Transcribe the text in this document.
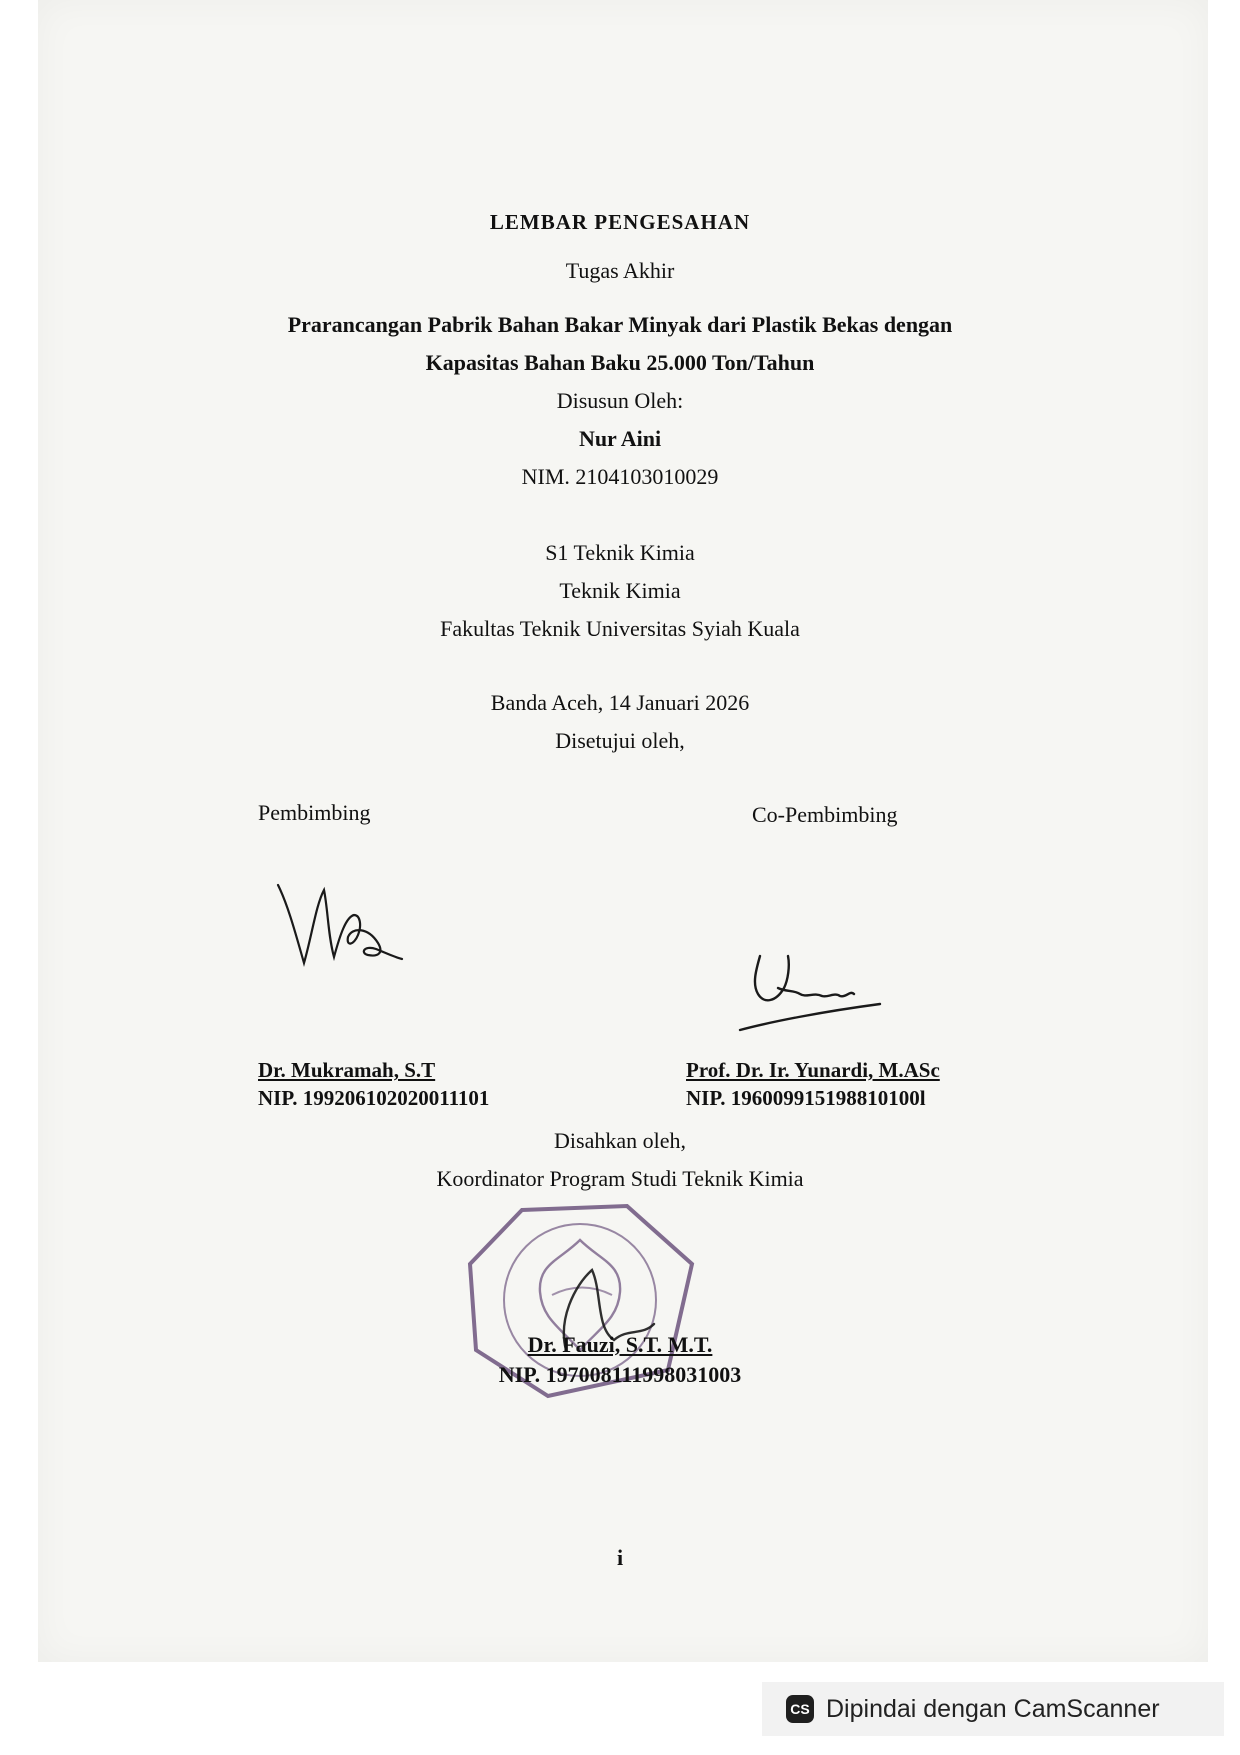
LEMBAR PENGESAHAN
Tugas Akhir
Prarancangan Pabrik Bahan Bakar Minyak dari Plastik Bekas dengan
Kapasitas Bahan Baku 25.000 Ton/Tahun
Disusun Oleh:
Nur Aini
NIM. 2104103010029
S1 Teknik Kimia
Teknik Kimia
Fakultas Teknik Universitas Syiah Kuala
Banda Aceh, 14 Januari 2026
Disetujui oleh,
Pembimbing
Dr. Mukramah, S.T
NIP. 199206102020011101
Co-Pembimbing
Prof. Dr. Ir. Yunardi, M.ASc
NIP. 196009915198810100l
Disahkan oleh,
Koordinator Program Studi Teknik Kimia
Dr. Fauzi, S.T. M.T.
NIP. 197008111998031003
i
CS Dipindai dengan CamScanner
